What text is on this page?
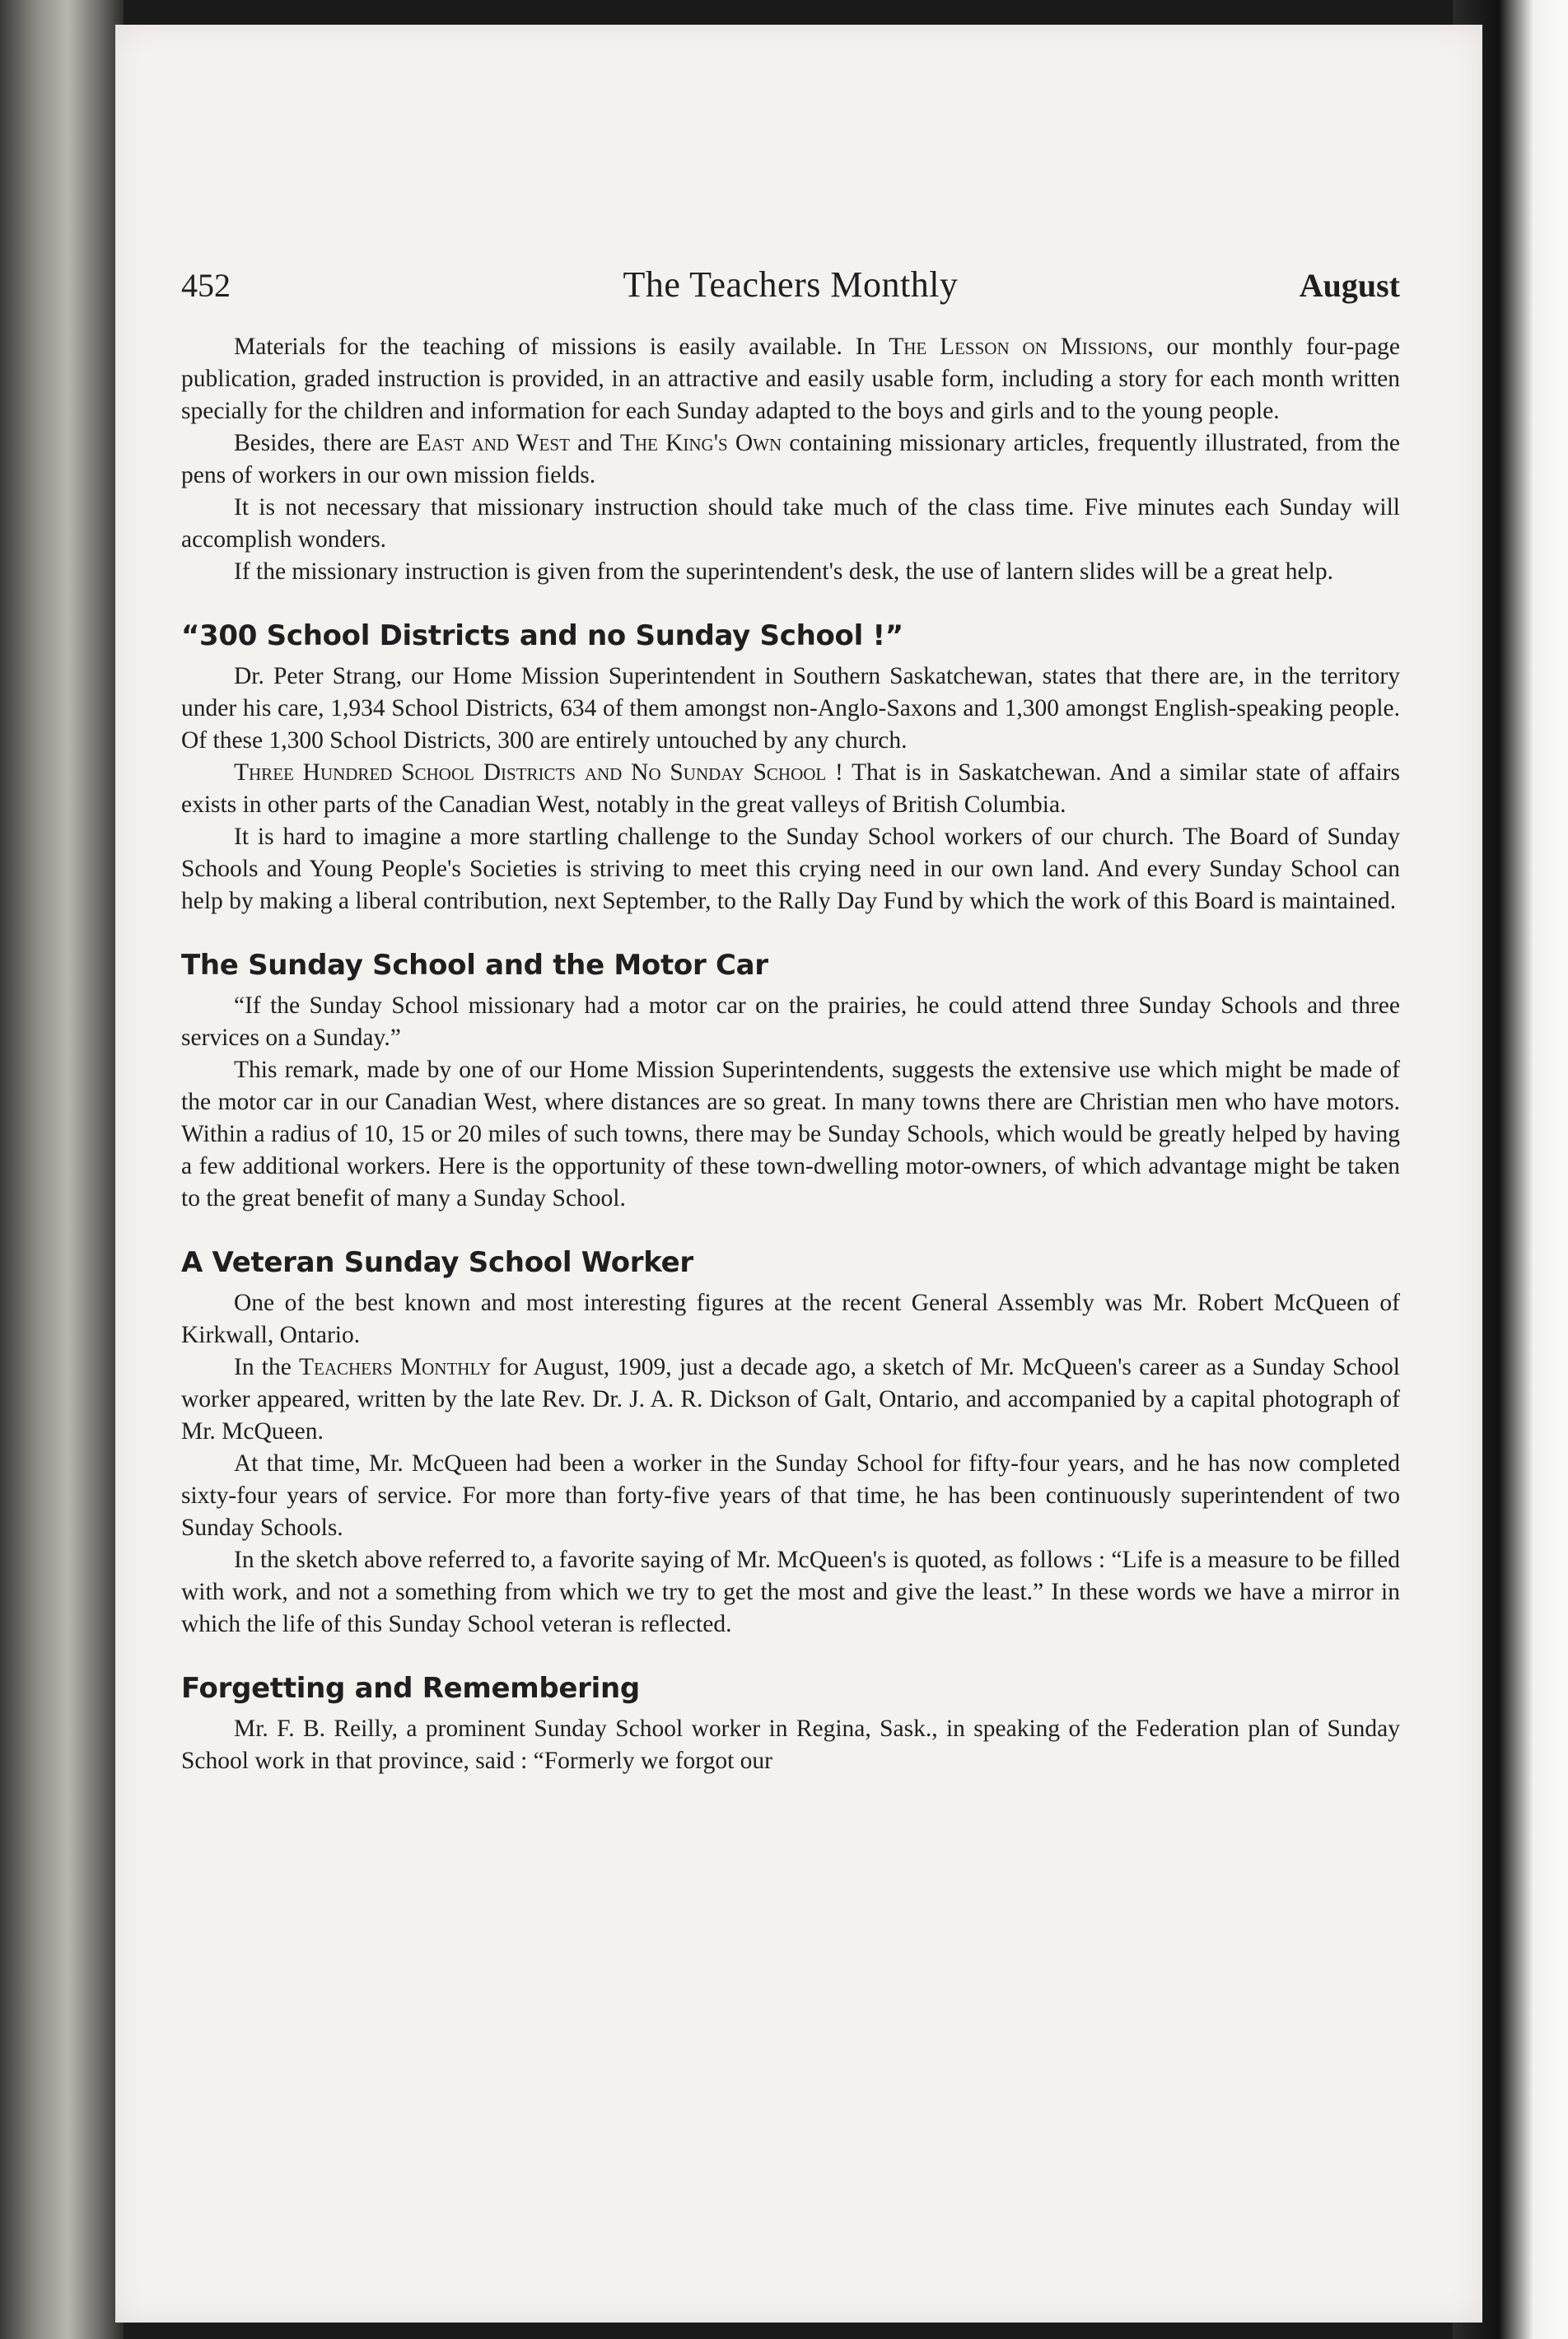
452	The Teachers Monthly	August

Materials for the teaching of missions is easily available. In The Lesson on Missions, our monthly four-page publication, graded instruction is provided, in an attractive and easily usable form, including a story for each month written specially for the children and information for each Sunday adapted to the boys and girls and to the young people.

Besides, there are East and West and The King's Own containing missionary articles, frequently illustrated, from the pens of workers in our own mission fields.

It is not necessary that missionary instruction should take much of the class time. Five minutes each Sunday will accomplish wonders.

If the missionary instruction is given from the superintendent's desk, the use of lantern slides will be a great help.

“300 School Districts and no Sunday School !”

Dr. Peter Strang, our Home Mission Superintendent in Southern Saskatchewan, states that there are, in the territory under his care, 1,934 School Districts, 634 of them amongst non-Anglo-Saxons and 1,300 amongst English-speaking people. Of these 1,300 School Districts, 300 are entirely untouched by any church.

Three Hundred School Districts and No Sunday School ! That is in Saskatchewan. And a similar state of affairs exists in other parts of the Canadian West, notably in the great valleys of British Columbia.

It is hard to imagine a more startling challenge to the Sunday School workers of our church. The Board of Sunday Schools and Young People's Societies is striving to meet this crying need in our own land. And every Sunday School can help by making a liberal contribution, next September, to the Rally Day Fund by which the work of this Board is maintained.

The Sunday School and the Motor Car

“If the Sunday School missionary had a motor car on the prairies, he could attend three Sunday Schools and three services on a Sunday.”

This remark, made by one of our Home Mission Superintendents, suggests the extensive use which might be made of the motor car in our Canadian West, where distances are so great. In many towns there are Christian men who have motors. Within a radius of 10, 15 or 20 miles of such towns, there may be Sunday Schools, which would be greatly helped by having a few additional workers. Here is the opportunity of these town-dwelling motor-owners, of which advantage might be taken to the great benefit of many a Sunday School.

A Veteran Sunday School Worker

One of the best known and most interesting figures at the recent General Assembly was Mr. Robert McQueen of Kirkwall, Ontario.

In the Teachers Monthly for August, 1909, just a decade ago, a sketch of Mr. McQueen's career as a Sunday School worker appeared, written by the late Rev. Dr. J. A. R. Dickson of Galt, Ontario, and accompanied by a capital photograph of Mr. McQueen.

At that time, Mr. McQueen had been a worker in the Sunday School for fifty-four years, and he has now completed sixty-four years of service. For more than forty-five years of that time, he has been continuously superintendent of two Sunday Schools.

In the sketch above referred to, a favorite saying of Mr. McQueen's is quoted, as follows : “Life is a measure to be filled with work, and not a something from which we try to get the most and give the least.” In these words we have a mirror in which the life of this Sunday School veteran is reflected.

Forgetting and Remembering

Mr. F. B. Reilly, a prominent Sunday School worker in Regina, Sask., in speaking of the Federation plan of Sunday School work in that province, said : “Formerly we forgot our
